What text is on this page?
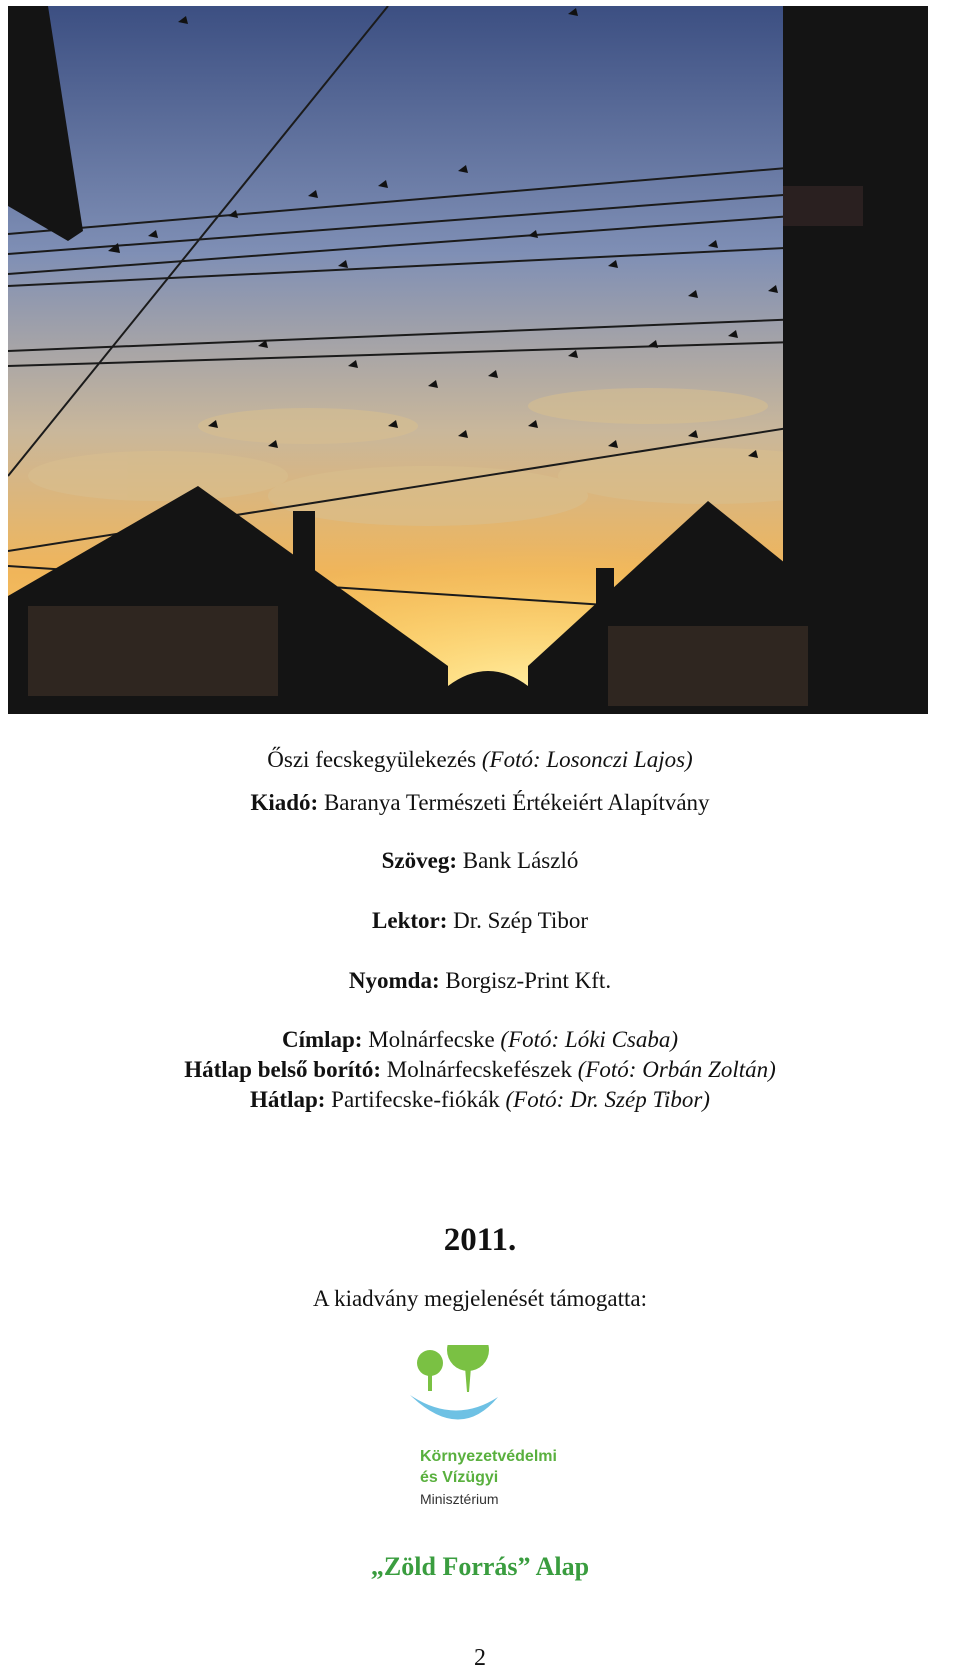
Őszi fecskegyülekezés (Fotó: Losonczi Lajos)
Kiadó: Baranya Természeti Értékeiért Alapítvány
Szöveg: Bank László
Lektor: Dr. Szép Tibor
Nyomda: Borgisz-Print Kft.
Címlap: Molnárfecske (Fotó: Lóki Csaba)
Hátlap belső borító: Molnárfecskefészek (Fotó: Orbán Zoltán)
Hátlap: Partifecske-fiókák (Fotó: Dr. Szép Tibor)
2011.
A kiadvány megjelenését támogatta:
Környezetvédelmi
és Vízügyi
Minisztérium
„Zöld Forrás” Alap
2
